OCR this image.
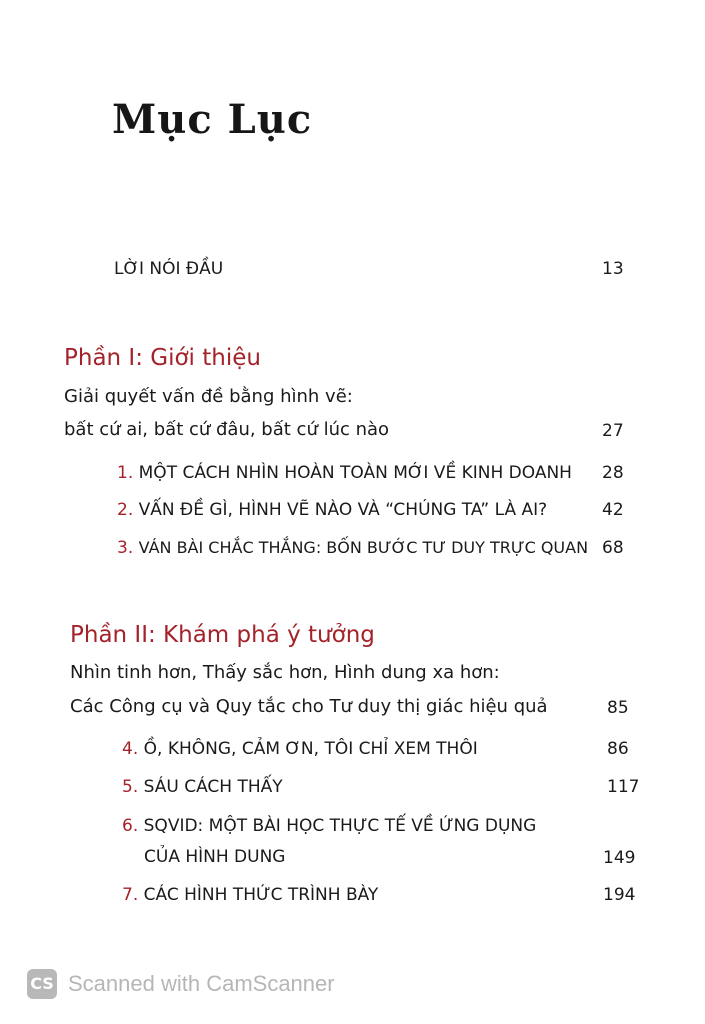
Mục Lục
LỜI NÓI ĐẦU	13
Phần I: Giới thiệu
Giải quyết vấn đề bằng hình vẽ:
bất cứ ai, bất cứ đâu, bất cứ lúc nào	27
1. MỘT CÁCH NHÌN HOÀN TOÀN MỚI VỀ KINH DOANH 28
2. VẤN ĐỀ GÌ, HÌNH VẼ NÀO VÀ “CHÚNG TA” LÀ AI?	42
3. VÁN BÀI CHẮC THẮNG: BỐN BƯỚC TƯ DUY TRỰC QUAN 68
Phần II: Khám phá ý tưởng
Nhìn tinh hơn, Thấy sắc hơn, Hình dung xa hơn:
Các Công cụ và Quy tắc cho Tư duy thị giác hiệu quả	85
4. Ồ, KHÔNG, CẢM ƠN, TÔI CHỈ XEM THÔI	86
5. SÁU CÁCH THẤY	117
6. SQVID: MỘT BÀI HỌC THỰC TẾ VỀ ỨNG DỤNG
CỦA HÌNH DUNG	149
7. CÁC HÌNH THỨC TRÌNH BÀY	194
CS Scanned with CamScanner
